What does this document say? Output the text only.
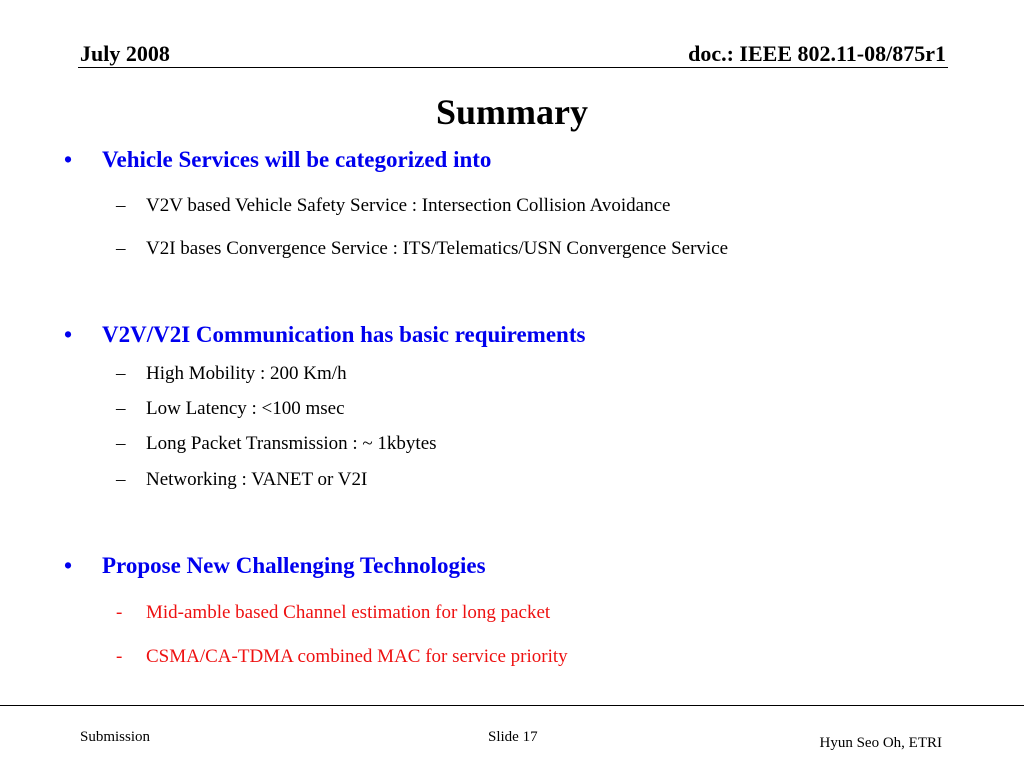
July 2008	doc.: IEEE 802.11-08/875r1
Summary
• Vehicle Services will be categorized into
– V2V based Vehicle Safety Service : Intersection Collision Avoidance
– V2I bases Convergence Service : ITS/Telematics/USN Convergence Service
• V2V/V2I Communication has basic requirements
– High Mobility : 200 Km/h
– Low Latency : <100 msec
– Long Packet Transmission : ~ 1kbytes
– Networking : VANET or V2I
• Propose New Challenging Technologies
- Mid-amble based Channel estimation for long packet
- CSMA/CA-TDMA combined MAC for service priority
Submission	Slide 17	Hyun Seo Oh, ETRI
